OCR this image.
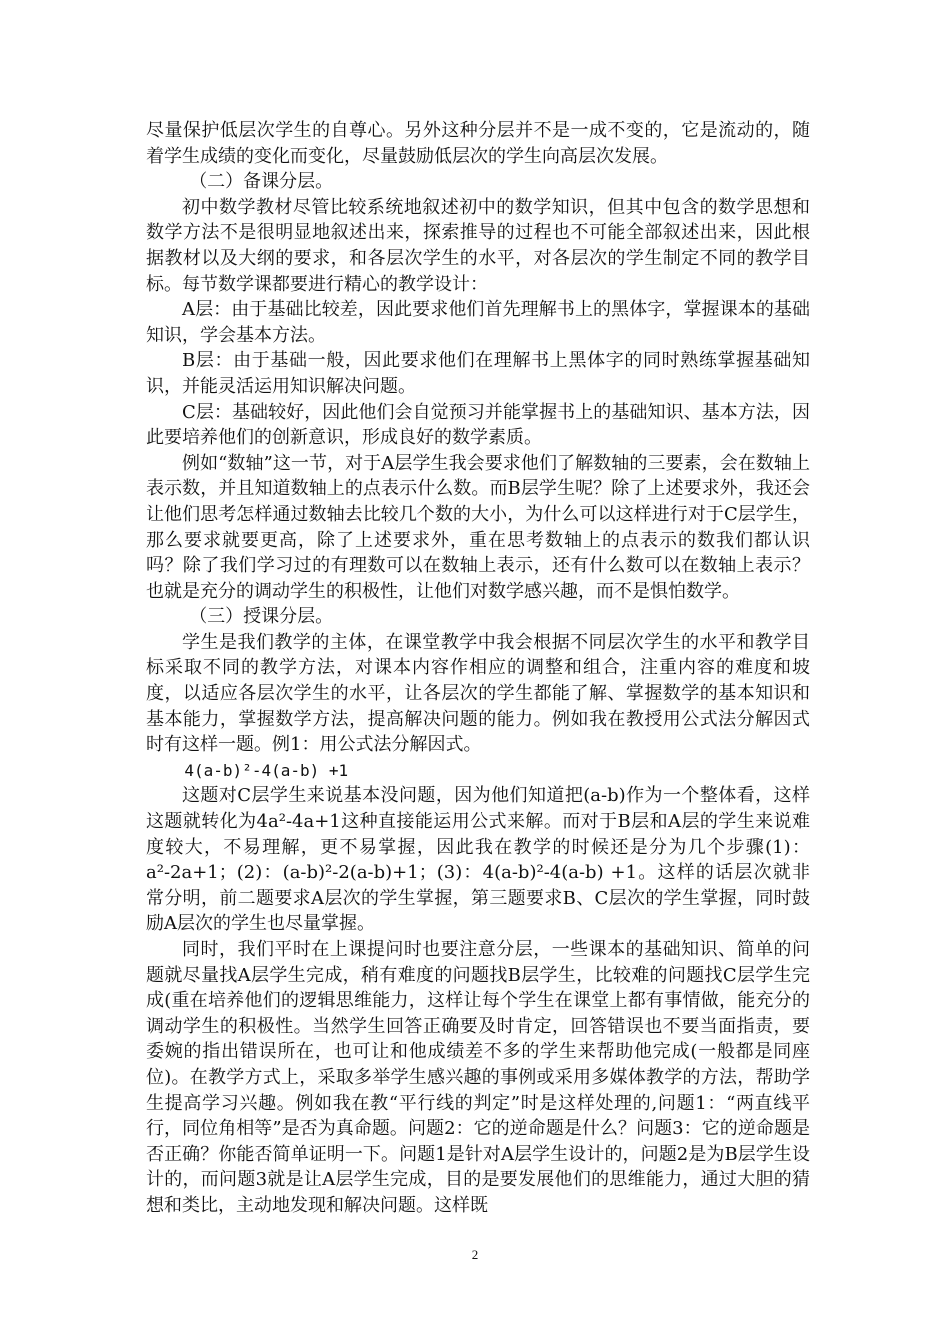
尽量保护低层次学生的自尊心。另外这种分层并不是一成不变的，它是流动的，随着学生成绩的变化而变化，尽量鼓励低层次的学生向高层次发展。

（二）备课分层。

初中数学教材尽管比较系统地叙述初中的数学知识，但其中包含的数学思想和数学方法不是很明显地叙述出来，探索推导的过程也不可能全部叙述出来，因此根据教材以及大纲的要求，和各层次学生的水平，对各层次的学生制定不同的教学目标。每节数学课都要进行精心的教学设计：

A层：由于基础比较差，因此要求他们首先理解书上的黑体字，掌握课本的基础知识，学会基本方法。

B层：由于基础一般，因此要求他们在理解书上黑体字的同时熟练掌握基础知识，并能灵活运用知识解决问题。

C层：基础较好，因此他们会自觉预习并能掌握书上的基础知识、基本方法，因此要培养他们的创新意识，形成良好的数学素质。

例如“数轴”这一节，对于A层学生我会要求他们了解数轴的三要素，会在数轴上表示数，并且知道数轴上的点表示什么数。而B层学生呢？除了上述要求外，我还会让他们思考怎样通过数轴去比较几个数的大小，为什么可以这样进行对于C层学生，那么要求就要更高，除了上述要求外，重在思考数轴上的点表示的数我们都认识吗？除了我们学习过的有理数可以在数轴上表示，还有什么数可以在数轴上表示？也就是充分的调动学生的积极性，让他们对数学感兴趣，而不是惧怕数学。

（三）授课分层。

学生是我们教学的主体，在课堂教学中我会根据不同层次学生的水平和教学目标采取不同的教学方法，对课本内容作相应的调整和组合，注重内容的难度和坡度，以适应各层次学生的水平，让各层次的学生都能了解、掌握数学的基本知识和基本能力，掌握数学方法，提高解决问题的能力。例如我在教授用公式法分解因式时有这样一题。例1：用公式法分解因式。

4(a-b)²-4(a-b) +1

这题对C层学生来说基本没问题，因为他们知道把(a-b)作为一个整体看，这样这题就转化为4a²-4a+1这种直接能运用公式来解。而对于B层和A层的学生来说难度较大，不易理解，更不易掌握，因此我在教学的时候还是分为几个步骤(1)：a²-2a+1；(2)：(a-b)²-2(a-b)+1；(3)：4(a-b)²-4(a-b) +1。这样的话层次就非常分明，前二题要求A层次的学生掌握，第三题要求B、C层次的学生掌握，同时鼓励A层次的学生也尽量掌握。

同时，我们平时在上课提问时也要注意分层，一些课本的基础知识、简单的问题就尽量找A层学生完成，稍有难度的问题找B层学生，比较难的问题找C层学生完成(重在培养他们的逻辑思维能力，这样让每个学生在课堂上都有事情做，能充分的调动学生的积极性。当然学生回答正确要及时肯定，回答错误也不要当面指责，要委婉的指出错误所在，也可让和他成绩差不多的学生来帮助他完成(一般都是同座位)。在教学方式上，采取多举学生感兴趣的事例或采用多媒体教学的方法，帮助学生提高学习兴趣。例如我在教“平行线的判定”时是这样处理的,问题1：“两直线平行，同位角相等”是否为真命题。问题2：它的逆命题是什么？问题3：它的逆命题是否正确？你能否简单证明一下。问题1是针对A层学生设计的，问题2是为B层学生设计的，而问题3就是让A层学生完成，目的是要发展他们的思维能力，通过大胆的猜想和类比，主动地发现和解决问题。这样既

2
